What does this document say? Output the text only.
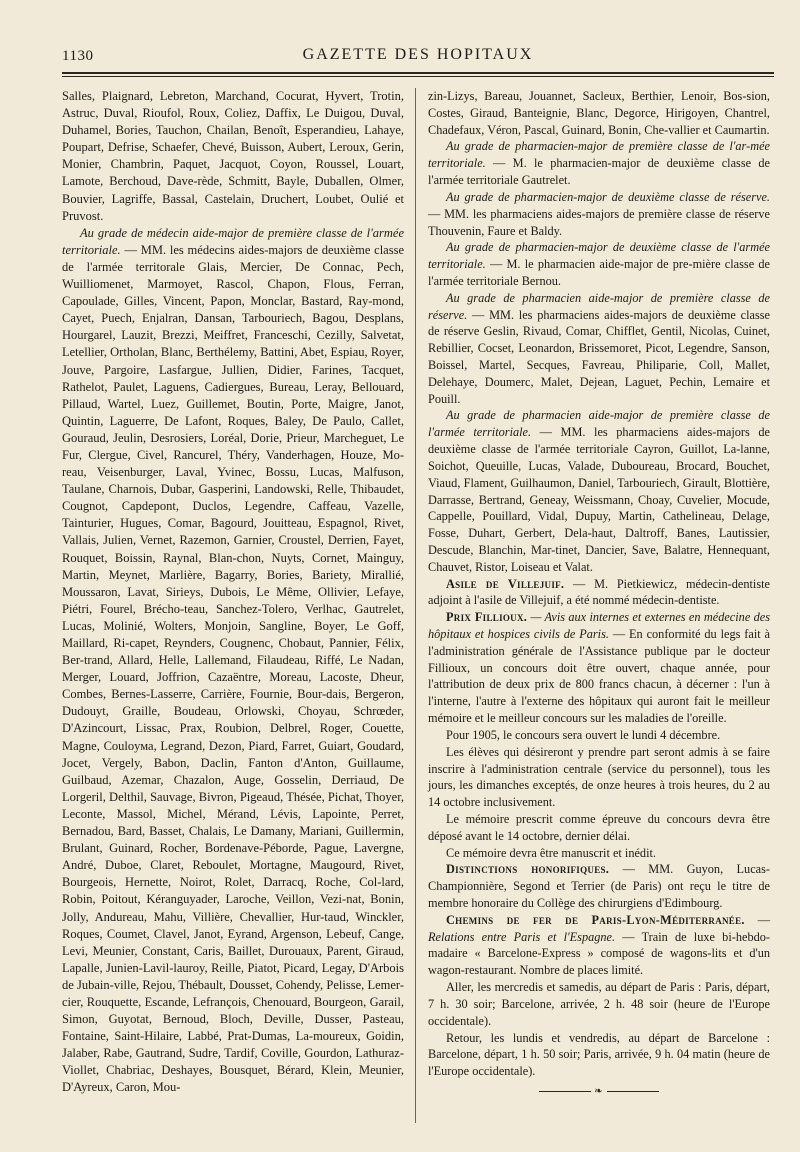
1130	GAZETTE DES HOPITAUX

Salles, Plaignard, Lebreton, Marchand, Cocurat, Hyvert, Trotin, Astruc, Duval, Rioufol, Roux, Coliez, Daffix, Le Duigou, Duval, Duhamel, Bories, Tauchon, Chailan, Benoît, Esperandieu, Lahaye, Poupart, Defrise, Schaefer, Chevé, Buisson, Aubert, Leroux, Gerin, Monier, Chambrin, Paquet, Jacquot, Coyon, Roussel, Louart, Lamote, Berchoud, Dave-rède, Schmitt, Bayle, Duballen, Olmer, Bouvier, Lagriffe, Bassal, Castelain, Druchert, Loubet, Oulié et Pruvost.

Au grade de médecin aide-major de première classe de l'armée territoriale. — MM. les médecins aides-majors de deuxième classe de l'armée territorale Glais, Mercier, De Connac, Pech, Wuilliomenet, Marmoyet, Rascol, Chapon, Flous, Ferran, Capoulade, Gilles, Vincent, Papon, Monclar, Bastard, Ray-mond, Cayet, Puech, Enjalran, Dansan, Tarbouriech, Bagou, Desplans, Hourgarel, Lauzit, Brezzi, Meiffret, Franceschi, Cezilly, Salvetat, Letellier, Ortholan, Blanc, Berthélemy, Battini, Abet, Espiau, Royer, Jouve, Pargoire, Lasfargue, Jullien, Didier, Farines, Tacquet, Rathelot, Paulet, Laguens, Cadiergues, Bureau, Leray, Bellouard, Pillaud, Wartel, Luez, Guillemet, Boutin, Porte, Maigre, Janot, Quintin, Laguerre, De Lafont, Roques, Baley, De Paulo, Callet, Gouraud, Jeulin, Desrosiers, Loréal, Dorie, Prieur, Marcheguet, Le Fur, Clergue, Civel, Rancurel, Théry, Vanderhagen, Houze, Mo-reau, Veisenburger, Laval, Yvinec, Bossu, Lucas, Malfuson, Taulane, Charnois, Dubar, Gasperini, Landowski, Relle, Thibaudet, Cougnot, Capdepont, Duclos, Legendre, Caffeau, Vazelle, Tainturier, Hugues, Comar, Bagourd, Jouitteau, Espagnol, Rivet, Vallais, Julien, Vernet, Razemon, Garnier, Croustel, Derrien, Fayet, Rouquet, Boissin, Raynal, Blan-chon, Nuyts, Cornet, Mainguy, Martin, Meynet, Marlière, Bagarry, Bories, Bariety, Mirallié, Moussaron, Lavat, Sirieys, Dubois, Le Même, Ollivier, Lefaye, Piétri, Fourel, Brécho-teau, Sanchez-Tolero, Verlhac, Gautrelet, Lucas, Molinié, Wolters, Monjoin, Sangline, Boyer, Le Goff, Maillard, Ri-capet, Reynders, Cougnenc, Chobaut, Pannier, Félix, Ber-trand, Allard, Helle, Lallemand, Filaudeau, Riffé, Le Nadan, Merger, Louard, Joffrion, Cazaëntre, Moreau, Lacoste, Dheur, Combes, Bernes-Lasserre, Carrière, Fournie, Bour-dais, Bergeron, Dudouyt, Graille, Boudeau, Orlowski, Choyau, Schrœder, D'Azincourt, Lissac, Prax, Roubion, Delbrel, Roger, Couette, Magne, Couloума, Legrand, Dezon, Piard, Farret, Guiart, Goudard, Jocet, Vergely, Babon, Daclin, Fanton d'Anton, Guillaume, Guilbaud, Azemar, Chazalon, Auge, Gosselin, Derriaud, De Lorgeril, Delthil, Sauvage, Bivron, Pigeaud, Thésée, Pichat, Thoyer, Leconte, Massol, Michel, Mérand, Lévis, Lapointe, Perret, Bernadou, Bard, Basset, Chalais, Le Damany, Mariani, Guillermin, Brulant, Guinard, Rocher, Bordenave-Péborde, Pague, Lavergne, André, Duboe, Claret, Reboulet, Mortagne, Maugourd, Rivet, Bourgeois, Hernette, Noirot, Rolet, Darracq, Roche, Col-lard, Robin, Poitout, Kéranguyader, Laroche, Veillon, Vezi-nat, Bonin, Jolly, Andureau, Mahu, Villière, Chevallier, Hur-taud, Winckler, Roques, Coumet, Clavel, Janot, Eyrand, Argenson, Lebeuf, Cange, Levi, Meunier, Constant, Caris, Baillet, Durouaux, Parent, Giraud, Lapalle, Junien-Lavil-lauroy, Reille, Piatot, Picard, Legay, D'Arbois de Jubain-ville, Rejou, Thébault, Dousset, Cohendy, Pelisse, Lemer-cier, Rouquette, Escande, Lefrançois, Chenouard, Bourgeon, Garail, Simon, Guyotat, Bernoud, Bloch, Deville, Dusser, Pasteau, Fontaine, Saint-Hilaire, Labbé, Prat-Dumas, La-moureux, Goidin, Jalaber, Rabe, Gautrand, Sudre, Tardif, Coville, Gourdon, Lathuraz-Viollet, Chabriac, Deshayes, Bousquet, Bérard, Klein, Meunier, D'Ayreux, Caron, Mou-

zin-Lizys, Bareau, Jouannet, Sacleux, Berthier, Lenoir, Bos-sion, Costes, Giraud, Banteignie, Blanc, Degorce, Hirigoyen, Chantrel, Chadefaux, Véron, Pascal, Guinard, Bonin, Che-vallier et Caumartin.

Au grade de pharmacien-major de première classe de l'ar-mée territoriale. — M. le pharmacien-major de deuxième classe de l'armée territoriale Gautrelet.

Au grade de pharmacien-major de deuxième classe de réserve. — MM. les pharmaciens aides-majors de première classe de réserve Thouvenin, Faure et Baldy.

Au grade de pharmacien-major de deuxième classe de l'armée territoriale. — M. le pharmacien aide-major de pre-mière classe de l'armée territoriale Bernou.

Au grade de pharmacien aide-major de première classe de réserve. — MM. les pharmaciens aides-majors de deuxième classe de réserve Geslin, Rivaud, Comar, Chifflet, Gentil, Nicolas, Cuinet, Rebillier, Cocset, Leonardon, Brissemoret, Picot, Legendre, Sanson, Boissel, Martel, Secques, Favreau, Philiparie, Coll, Mallet, Delehaye, Doumerc, Malet, Dejean, Laguet, Pechin, Lemaire et Pouill.

Au grade de pharmacien aide-major de première classe de l'armée territoriale. — MM. les pharmaciens aides-majors de deuxième classe de l'armée territoriale Cayron, Guillot, La-lanne, Soichot, Queuille, Lucas, Valade, Duboureau, Brocard, Bouchet, Viaud, Flament, Guilhaumon, Daniel, Tarbouriech, Girault, Blottière, Darrasse, Bertrand, Geneay, Weissmann, Choay, Cuvelier, Mocude, Cappelle, Pouillard, Vidal, Dupuy, Martin, Cathelineau, Delage, Fosse, Duhart, Gerbert, Dela-haut, Daltroff, Banes, Lautissier, Descude, Blanchin, Mar-tinet, Dancier, Save, Balatre, Hennequant, Chauvet, Ristor, Loiseau et Valat.

Asile de Villejuif. — M. Pietkiewicz, médecin-dentiste adjoint à l'asile de Villejuif, a été nommé médecin-dentiste.

Prix Fillioux. — Avis aux internes et externes en médecine des hôpitaux et hospices civils de Paris. — En conformité du legs fait à l'administration générale de l'Assistance publique par le docteur Fillioux, un concours doit être ouvert, chaque année, pour l'attribution de deux prix de 800 francs chacun, à décerner : l'un à l'interne, l'autre à l'externe des hôpitaux qui auront fait le meilleur mémoire et le meilleur concours sur les maladies de l'oreille.

Pour 1905, le concours sera ouvert le lundi 4 décembre.

Les élèves qui désireront y prendre part seront admis à se faire inscrire à l'administration centrale (service du personnel), tous les jours, les dimanches exceptés, de onze heures à trois heures, du 2 au 14 octobre inclusivement.

Le mémoire prescrit comme épreuve du concours devra être déposé avant le 14 octobre, dernier délai.

Ce mémoire devra être manuscrit et inédit.

Distinctions honorifiques. — MM. Guyon, Lucas-Championnière, Segond et Terrier (de Paris) ont reçu le titre de membre honoraire du Collège des chirurgiens d'Edimbourg.

Chemins de fer de Paris-Lyon-Méditerranée. — Relations entre Paris et l'Espagne. — Train de luxe bi-hebdo-madaire « Barcelone-Express » composé de wagons-lits et d'un wagon-restaurant. Nombre de places limité.

Aller, les mercredis et samedis, au départ de Paris : Paris, départ, 7 h. 30 soir; Barcelone, arrivée, 2 h. 48 soir (heure de l'Europe occidentale).

Retour, les lundis et vendredis, au départ de Barcelone : Barcelone, départ, 1 h. 50 soir; Paris, arrivée, 9 h. 04 matin (heure de l'Europe occidentale).

❧
